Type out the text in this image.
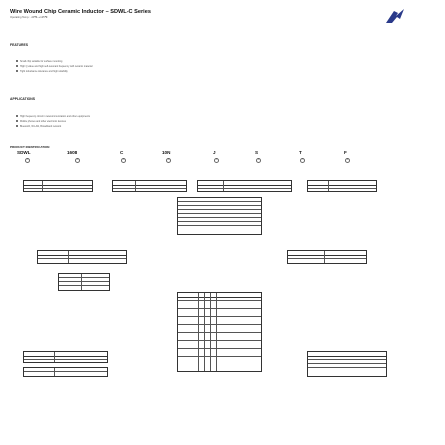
Wire Wound Chip Ceramic Inductor – SDWL-C Series
Operating Temp.: -40℃~+125℃
FEATURES
Small chip suitable for surface mounting
High Q value and high self-resonant frequency with ceramic material
Tight inductance tolerance and high reliability
APPLICATIONS
High frequency circuit in telecommunication and other equipments
Mobile phones and other electronic devices
Bluetooth, W-LAN, Broadband network
PRODUCT IDENTIFICATION
SDWL
①
1608
②
C
③
10N
④
J
⑤
S
⑥
T
⑦
F
⑧
